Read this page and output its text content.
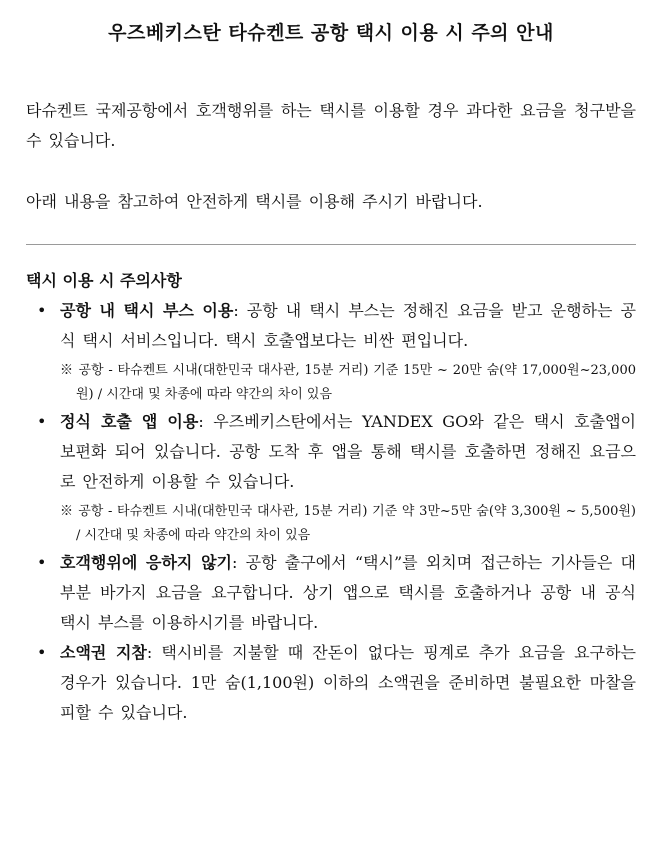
우즈베키스탄 타슈켄트 공항 택시 이용 시 주의 안내

타슈켄트 국제공항에서 호객행위를 하는 택시를 이용할 경우 과다한 요금을 청구받을 수 있습니다.

아래 내용을 참고하여 안전하게 택시를 이용해 주시기 바랍니다.

택시 이용 시 주의사항
• 공항 내 택시 부스 이용: 공항 내 택시 부스는 정해진 요금을 받고 운행하는 공식 택시 서비스입니다. 택시 호출앱보다는 비싼 편입니다.
※ 공항 - 타슈켄트 시내(대한민국 대사관, 15분 거리) 기준 15만 ~ 20만 숨(약 17,000원~23,000원) / 시간대 및 차종에 따라 약간의 차이 있음
• 정식 호출 앱 이용: 우즈베키스탄에서는 YANDEX GO와 같은 택시 호출앱이 보편화 되어 있습니다. 공항 도착 후 앱을 통해 택시를 호출하면 정해진 요금으로 안전하게 이용할 수 있습니다.
※ 공항 - 타슈켄트 시내(대한민국 대사관, 15분 거리) 기준 약 3만~5만 숨(약 3,300원 ~ 5,500원) / 시간대 및 차종에 따라 약간의 차이 있음
• 호객행위에 응하지 않기: 공항 출구에서 “택시”를 외치며 접근하는 기사들은 대부분 바가지 요금을 요구합니다. 상기 앱으로 택시를 호출하거나 공항 내 공식 택시 부스를 이용하시기를 바랍니다.
• 소액권 지참: 택시비를 지불할 때 잔돈이 없다는 핑계로 추가 요금을 요구하는 경우가 있습니다. 1만 숨(1,100원) 이하의 소액권을 준비하면 불필요한 마찰을 피할 수 있습니다.
